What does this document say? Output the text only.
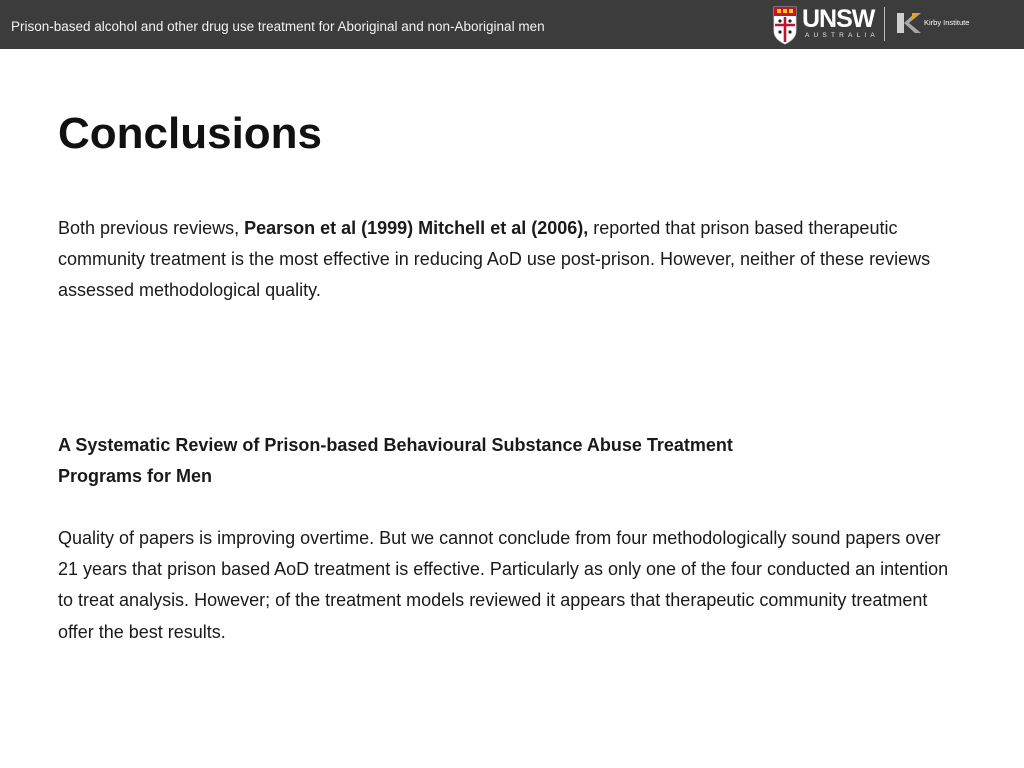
Prison-based alcohol and other drug use treatment for Aboriginal and non-Aboriginal men	UNSW
AUSTRALIA
Kirby Institute
Conclusions

Both previous reviews, Pearson et al (1999) Mitchell et al (2006), reported that prison based therapeutic community treatment is the most effective in reducing AoD use post-prison. However, neither of these reviews assessed methodological quality.

A Systematic Review of Prison-based Behavioural Substance Abuse Treatment
Programs for Men

Quality of papers is improving overtime. But we cannot conclude from four methodologically sound papers over 21 years that prison based AoD treatment is effective. Particularly as only one of the four conducted an intention to treat analysis. However; of the treatment models reviewed it appears that therapeutic community treatment offer the best results.
